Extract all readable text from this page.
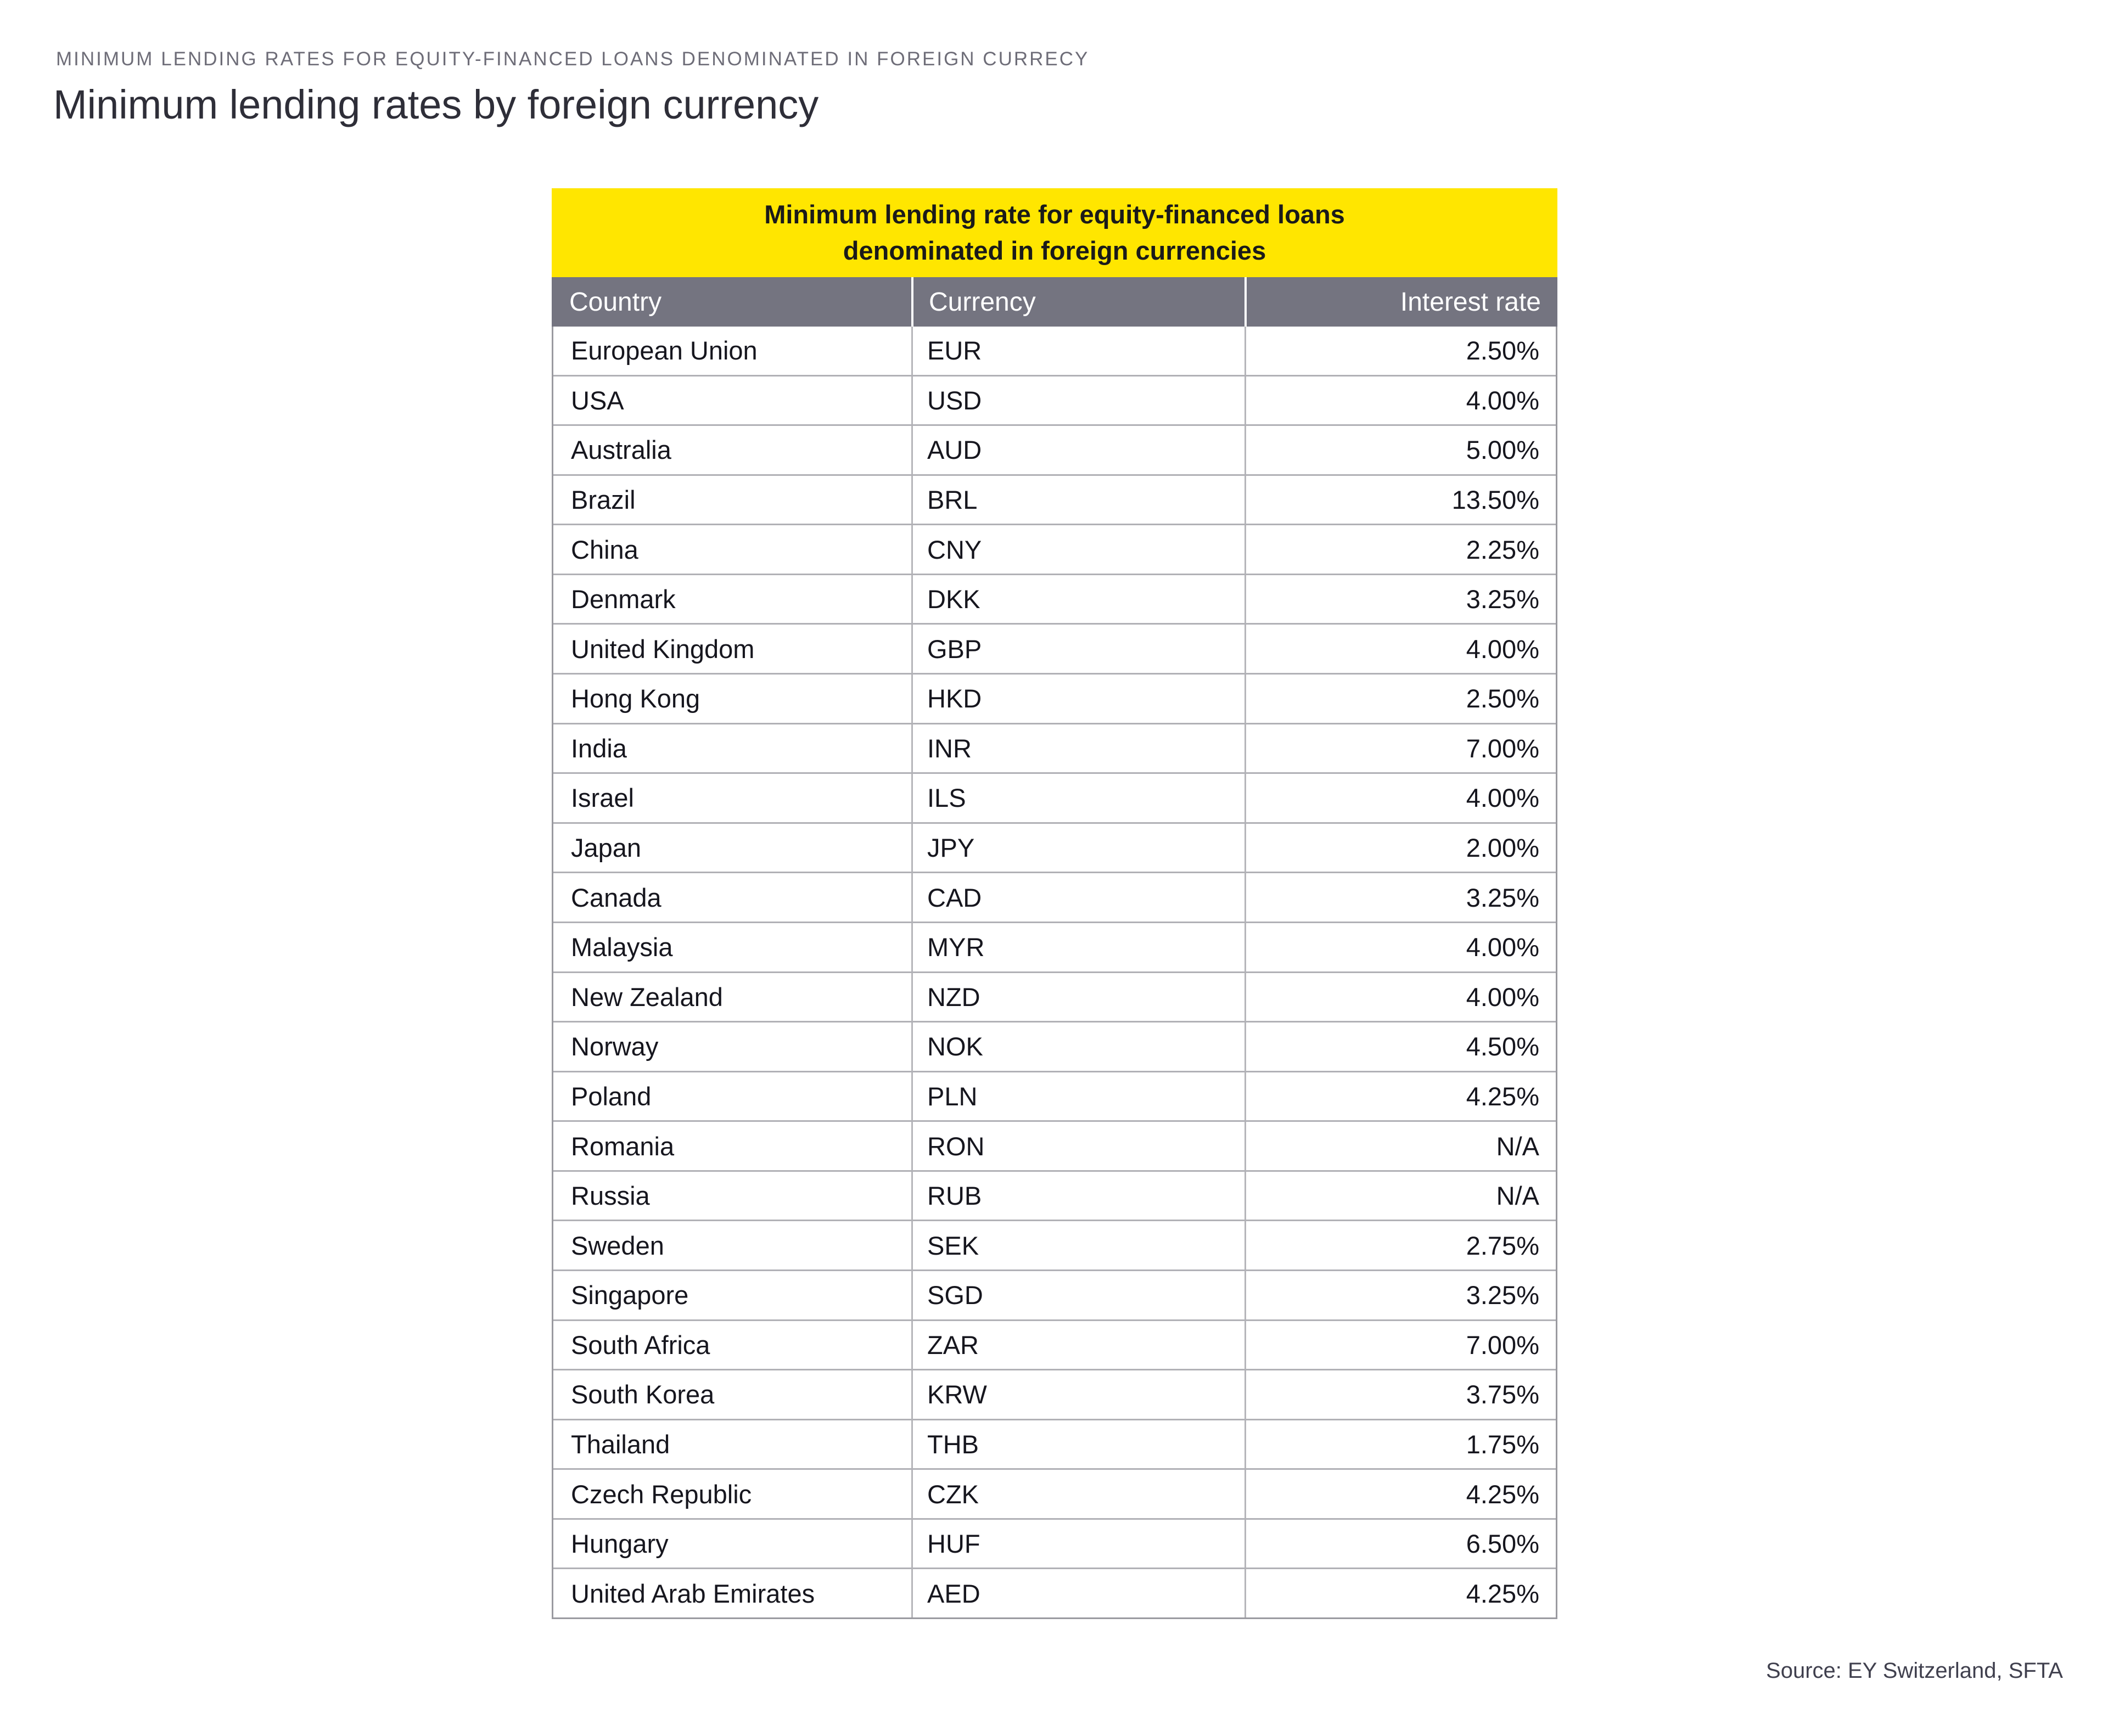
MINIMUM LENDING RATES FOR EQUITY-FINANCED LOANS DENOMINATED IN FOREIGN CURRECY
Minimum lending rates by foreign currency
Minimum lending rate for equity-financed loans
denominated in foreign currencies
Country	Currency	Interest rate
European Union	EUR	2.50%
USA	USD	4.00%
Australia	AUD	5.00%
Brazil	BRL	13.50%
China	CNY	2.25%
Denmark	DKK	3.25%
United Kingdom	GBP	4.00%
Hong Kong	HKD	2.50%
India	INR	7.00%
Israel	ILS	4.00%
Japan	JPY	2.00%
Canada	CAD	3.25%
Malaysia	MYR	4.00%
New Zealand	NZD	4.00%
Norway	NOK	4.50%
Poland	PLN	4.25%
Romania	RON	N/A
Russia	RUB	N/A
Sweden	SEK	2.75%
Singapore	SGD	3.25%
South Africa	ZAR	7.00%
South Korea	KRW	3.75%
Thailand	THB	1.75%
Czech Republic	CZK	4.25%
Hungary	HUF	6.50%
United Arab Emirates	AED	4.25%
Source: EY Switzerland, SFTA
